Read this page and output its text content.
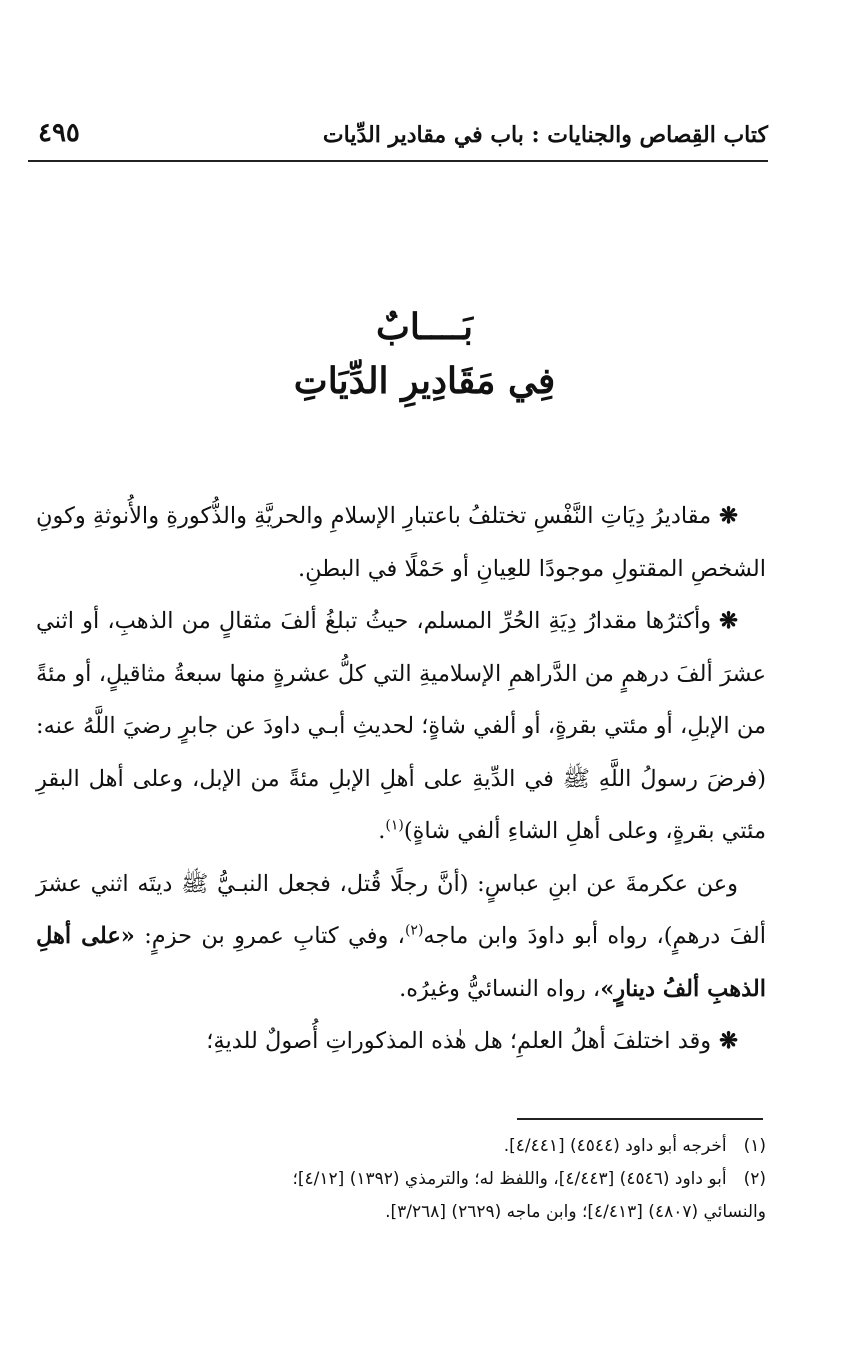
كتاب القِصاص والجنايات : باب في مقادير الدِّيات
٤٩٥
بَــــابٌ
فِي مَقَادِيرِ الدِّيَاتِ

❋مقاديرُ دِيَاتِ النَّفْسِ تختلفُ باعتبارِ الإسلامِ والحريَّةِ والذُّكورةِ والأُنوثةِ وكونِ الشخصِ المقتولِ موجودًا للعِيانِ أو حَمْلًا في البطنِ.

❋وأكثرُها مقدارُ دِيَةِ الحُرِّ المسلم، حيثُ تبلغُ ألفَ مثقالٍ من الذهبِ، أو اثني عشرَ ألفَ درهمٍ من الدَّراهمِ الإسلاميةِ التي كلُّ عشرةٍ منها سبعةُ مثاقيلٍ، أو مئةً من الإبلِ، أو مئتي بقرةٍ، أو ألفي شاةٍ؛ لحديثِ أبـي داودَ عن جابرٍ رضيَ اللَّهُ عنه: (فرضَ رسولُ اللَّهِ ﷺ في الدِّيةِ على أهلِ الإبلِ مئةً من الإبل، وعلى أهل البقرِ مئتي بقرةٍ، وعلى أهلِ الشاءِ ألفي شاةٍ)$^{(١)}$.

وعن عكرمةَ عن ابنِ عباسٍ: (أنَّ رجلًا قُتل، فجعل النبـيُّ ﷺ ديتَه اثني عشرَ ألفَ درهمٍ)، رواه أبو داودَ وابن ماجه$^{(٢)}$، وفي كتابِ عمروِ بن حزمٍ: «على أهلِ الذهبِ ألفُ دينارٍ»، رواه النسائيُّ وغيرُه.

❋وقد اختلفَ أهلُ العلمِ؛ هل هٰذه المذكوراتِ أُصولٌ للديةِ؛

(١) أخرجه أبو داود (٤٥٤٤) [٤/٤٤١].

(٢) أبو داود (٤٥٤٦) [٤/٤٤٣]، واللفظ له؛ والترمذي (١٣٩٢) [٤/١٢]؛

والنسائي (٤٨٠٧) [٤/٤١٣]؛ وابن ماجه (٢٦٢٩) [٣/٢٦٨].
